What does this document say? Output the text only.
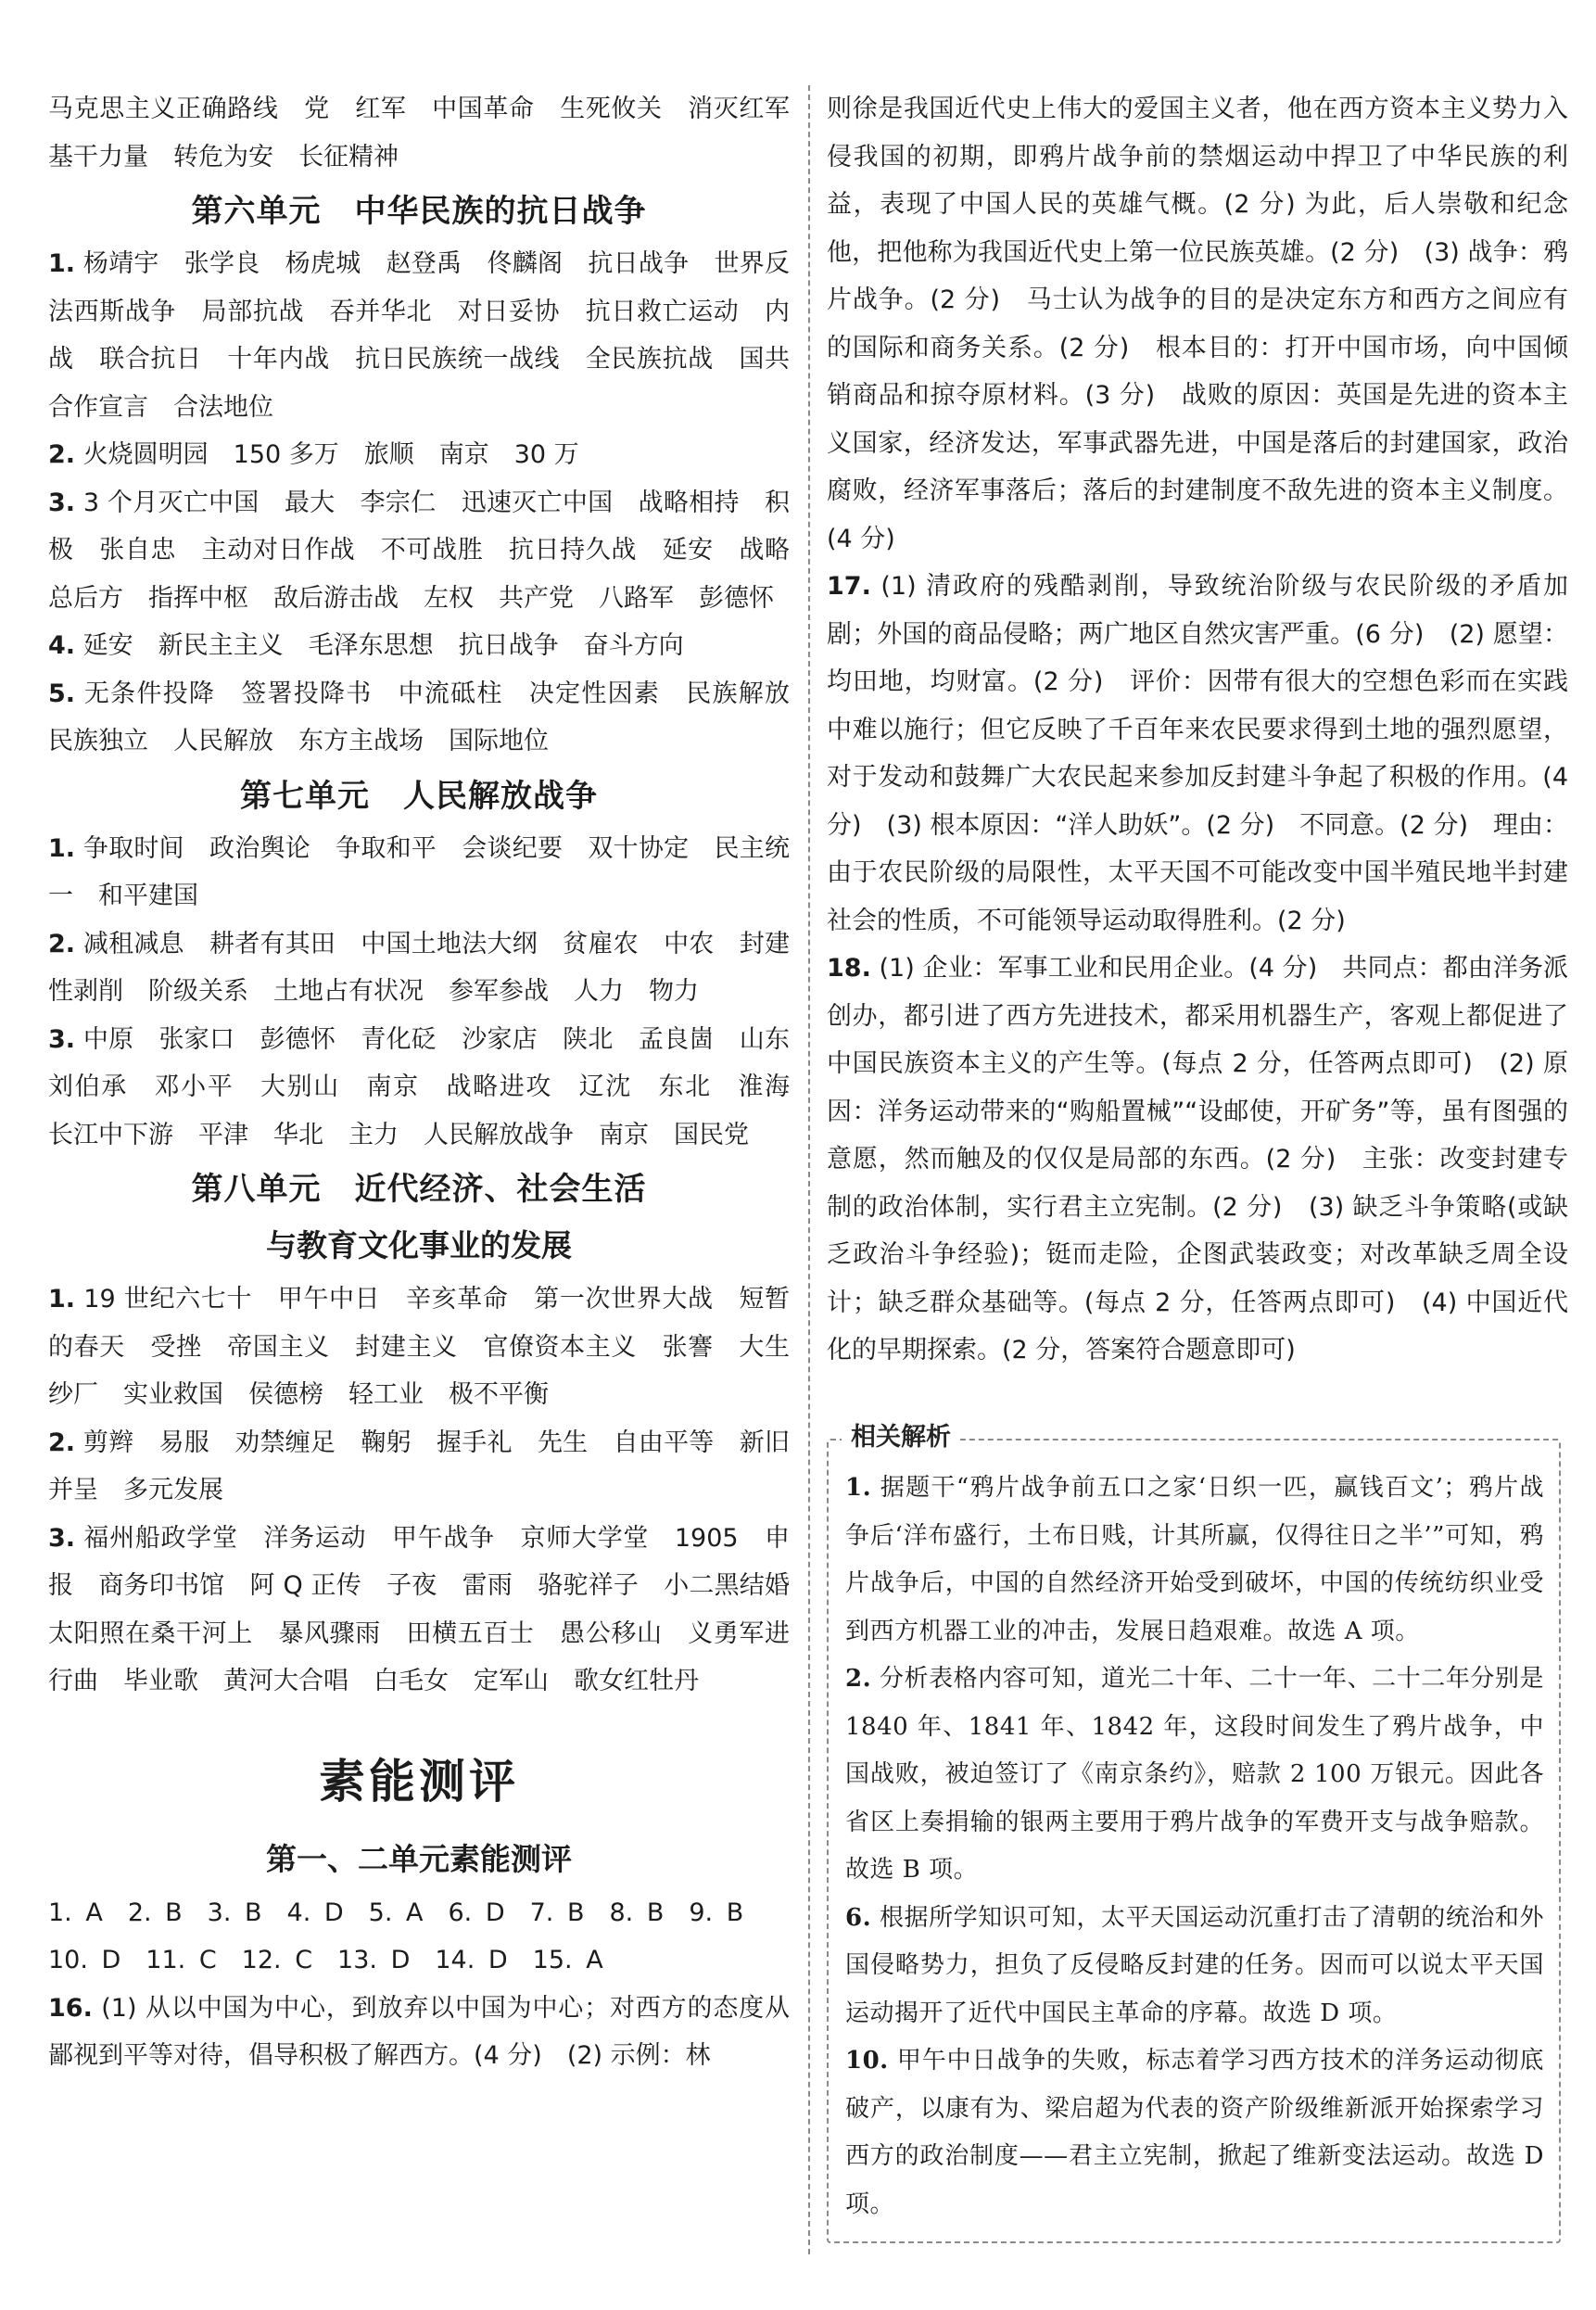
马克思主义正确路线　党　红军　中国革命　生死攸关　消灭红军　基干力量　转危为安　长征精神

第六单元 中华民族的抗日战争

1. 杨靖宇　张学良　杨虎城　赵登禹　佟麟阁　抗日战争　世界反法西斯战争　局部抗战　吞并华北　对日妥协　抗日救亡运动　内战　联合抗日　十年内战　抗日民族统一战线　全民族抗战　国共合作宣言　合法地位

2. 火烧圆明园　150 多万　旅顺　南京　30 万

3. 3 个月灭亡中国　最大　李宗仁　迅速灭亡中国　战略相持　积极　张自忠　主动对日作战　不可战胜　抗日持久战　延安　战略总后方　指挥中枢　敌后游击战　左权　共产党　八路军　彭德怀

4. 延安　新民主主义　毛泽东思想　抗日战争　奋斗方向

5. 无条件投降　签署投降书　中流砥柱　决定性因素　民族解放　民族独立　人民解放　东方主战场　国际地位

第七单元 人民解放战争

1. 争取时间　政治舆论　争取和平　会谈纪要　双十协定　民主统一　和平建国

2. 减租减息　耕者有其田　中国土地法大纲　贫雇农　中农　封建性剥削　阶级关系　土地占有状况　参军参战　人力　物力

3. 中原　张家口　彭德怀　青化砭　沙家店　陕北　孟良崮　山东　刘伯承　邓小平　大别山　南京　战略进攻　辽沈　东北　淮海　长江中下游　平津　华北　主力　人民解放战争　南京　国民党

第八单元 近代经济、社会生活
与教育文化事业的发展

1. 19 世纪六七十　甲午中日　辛亥革命　第一次世界大战　短暂的春天　受挫　帝国主义　封建主义　官僚资本主义　张謇　大生纱厂　实业救国　侯德榜　轻工业　极不平衡

2. 剪辫　易服　劝禁缠足　鞠躬　握手礼　先生　自由平等　新旧并呈　多元发展

3. 福州船政学堂　洋务运动　甲午战争　京师大学堂　1905　申报　商务印书馆　阿 Q 正传　子夜　雷雨　骆驼祥子　小二黑结婚　太阳照在桑干河上　暴风骤雨　田横五百士　愚公移山　义勇军进行曲　毕业歌　黄河大合唱　白毛女　定军山　歌女红牡丹

素能测评
第一、二单元素能测评

1. A　2. B　3. B　4. D　5. A　6. D　7. B　8. B　9. B

10. D　11. C　12. C　13. D　14. D　15. A

16. (1) 从以中国为中心，到放弃以中国为中心；对西方的态度从鄙视到平等对待，倡导积极了解西方。(4 分)　(2) 示例：林

则徐是我国近代史上伟大的爱国主义者，他在西方资本主义势力入侵我国的初期，即鸦片战争前的禁烟运动中捍卫了中华民族的利益，表现了中国人民的英雄气概。(2 分) 为此，后人崇敬和纪念他，把他称为我国近代史上第一位民族英雄。(2 分)　(3) 战争：鸦片战争。(2 分)　马士认为战争的目的是决定东方和西方之间应有的国际和商务关系。(2 分)　根本目的：打开中国市场，向中国倾销商品和掠夺原材料。(3 分)　战败的原因：英国是先进的资本主义国家，经济发达，军事武器先进，中国是落后的封建国家，政治腐败，经济军事落后；落后的封建制度不敌先进的资本主义制度。(4 分)

17. (1) 清政府的残酷剥削，导致统治阶级与农民阶级的矛盾加剧；外国的商品侵略；两广地区自然灾害严重。(6 分)　(2) 愿望：均田地，均财富。(2 分)　评价：因带有很大的空想色彩而在实践中难以施行；但它反映了千百年来农民要求得到土地的强烈愿望，对于发动和鼓舞广大农民起来参加反封建斗争起了积极的作用。(4 分)　(3) 根本原因：“洋人助妖”。(2 分)　不同意。(2 分)　理由：由于农民阶级的局限性，太平天国不可能改变中国半殖民地半封建社会的性质，不可能领导运动取得胜利。(2 分)

18. (1) 企业：军事工业和民用企业。(4 分)　共同点：都由洋务派创办，都引进了西方先进技术，都采用机器生产，客观上都促进了中国民族资本主义的产生等。(每点 2 分，任答两点即可)　(2) 原因：洋务运动带来的“购船置械”“设邮使，开矿务”等，虽有图强的意愿，然而触及的仅仅是局部的东西。(2 分)　主张：改变封建专制的政治体制，实行君主立宪制。(2 分)　(3) 缺乏斗争策略(或缺乏政治斗争经验)；铤而走险，企图武装政变；对改革缺乏周全设计；缺乏群众基础等。(每点 2 分，任答两点即可)　(4) 中国近代化的早期探索。(2 分，答案符合题意即可)

相关解析

1. 据题干“鸦片战争前五口之家‘日织一匹，赢钱百文’；鸦片战争后‘洋布盛行，土布日贱，计其所赢，仅得往日之半’”可知，鸦片战争后，中国的自然经济开始受到破坏，中国的传统纺织业受到西方机器工业的冲击，发展日趋艰难。故选 A 项。

2. 分析表格内容可知，道光二十年、二十一年、二十二年分别是 1840 年、1841 年、1842 年，这段时间发生了鸦片战争，中国战败，被迫签订了《南京条约》，赔款 2 100 万银元。因此各省区上奏捐输的银两主要用于鸦片战争的军费开支与战争赔款。故选 B 项。

6. 根据所学知识可知，太平天国运动沉重打击了清朝的统治和外国侵略势力，担负了反侵略反封建的任务。因而可以说太平天国运动揭开了近代中国民主革命的序幕。故选 D 项。

10. 甲午中日战争的失败，标志着学习西方技术的洋务运动彻底破产，以康有为、梁启超为代表的资产阶级维新派开始探索学习西方的政治制度——君主立宪制，掀起了维新变法运动。故选 D 项。
